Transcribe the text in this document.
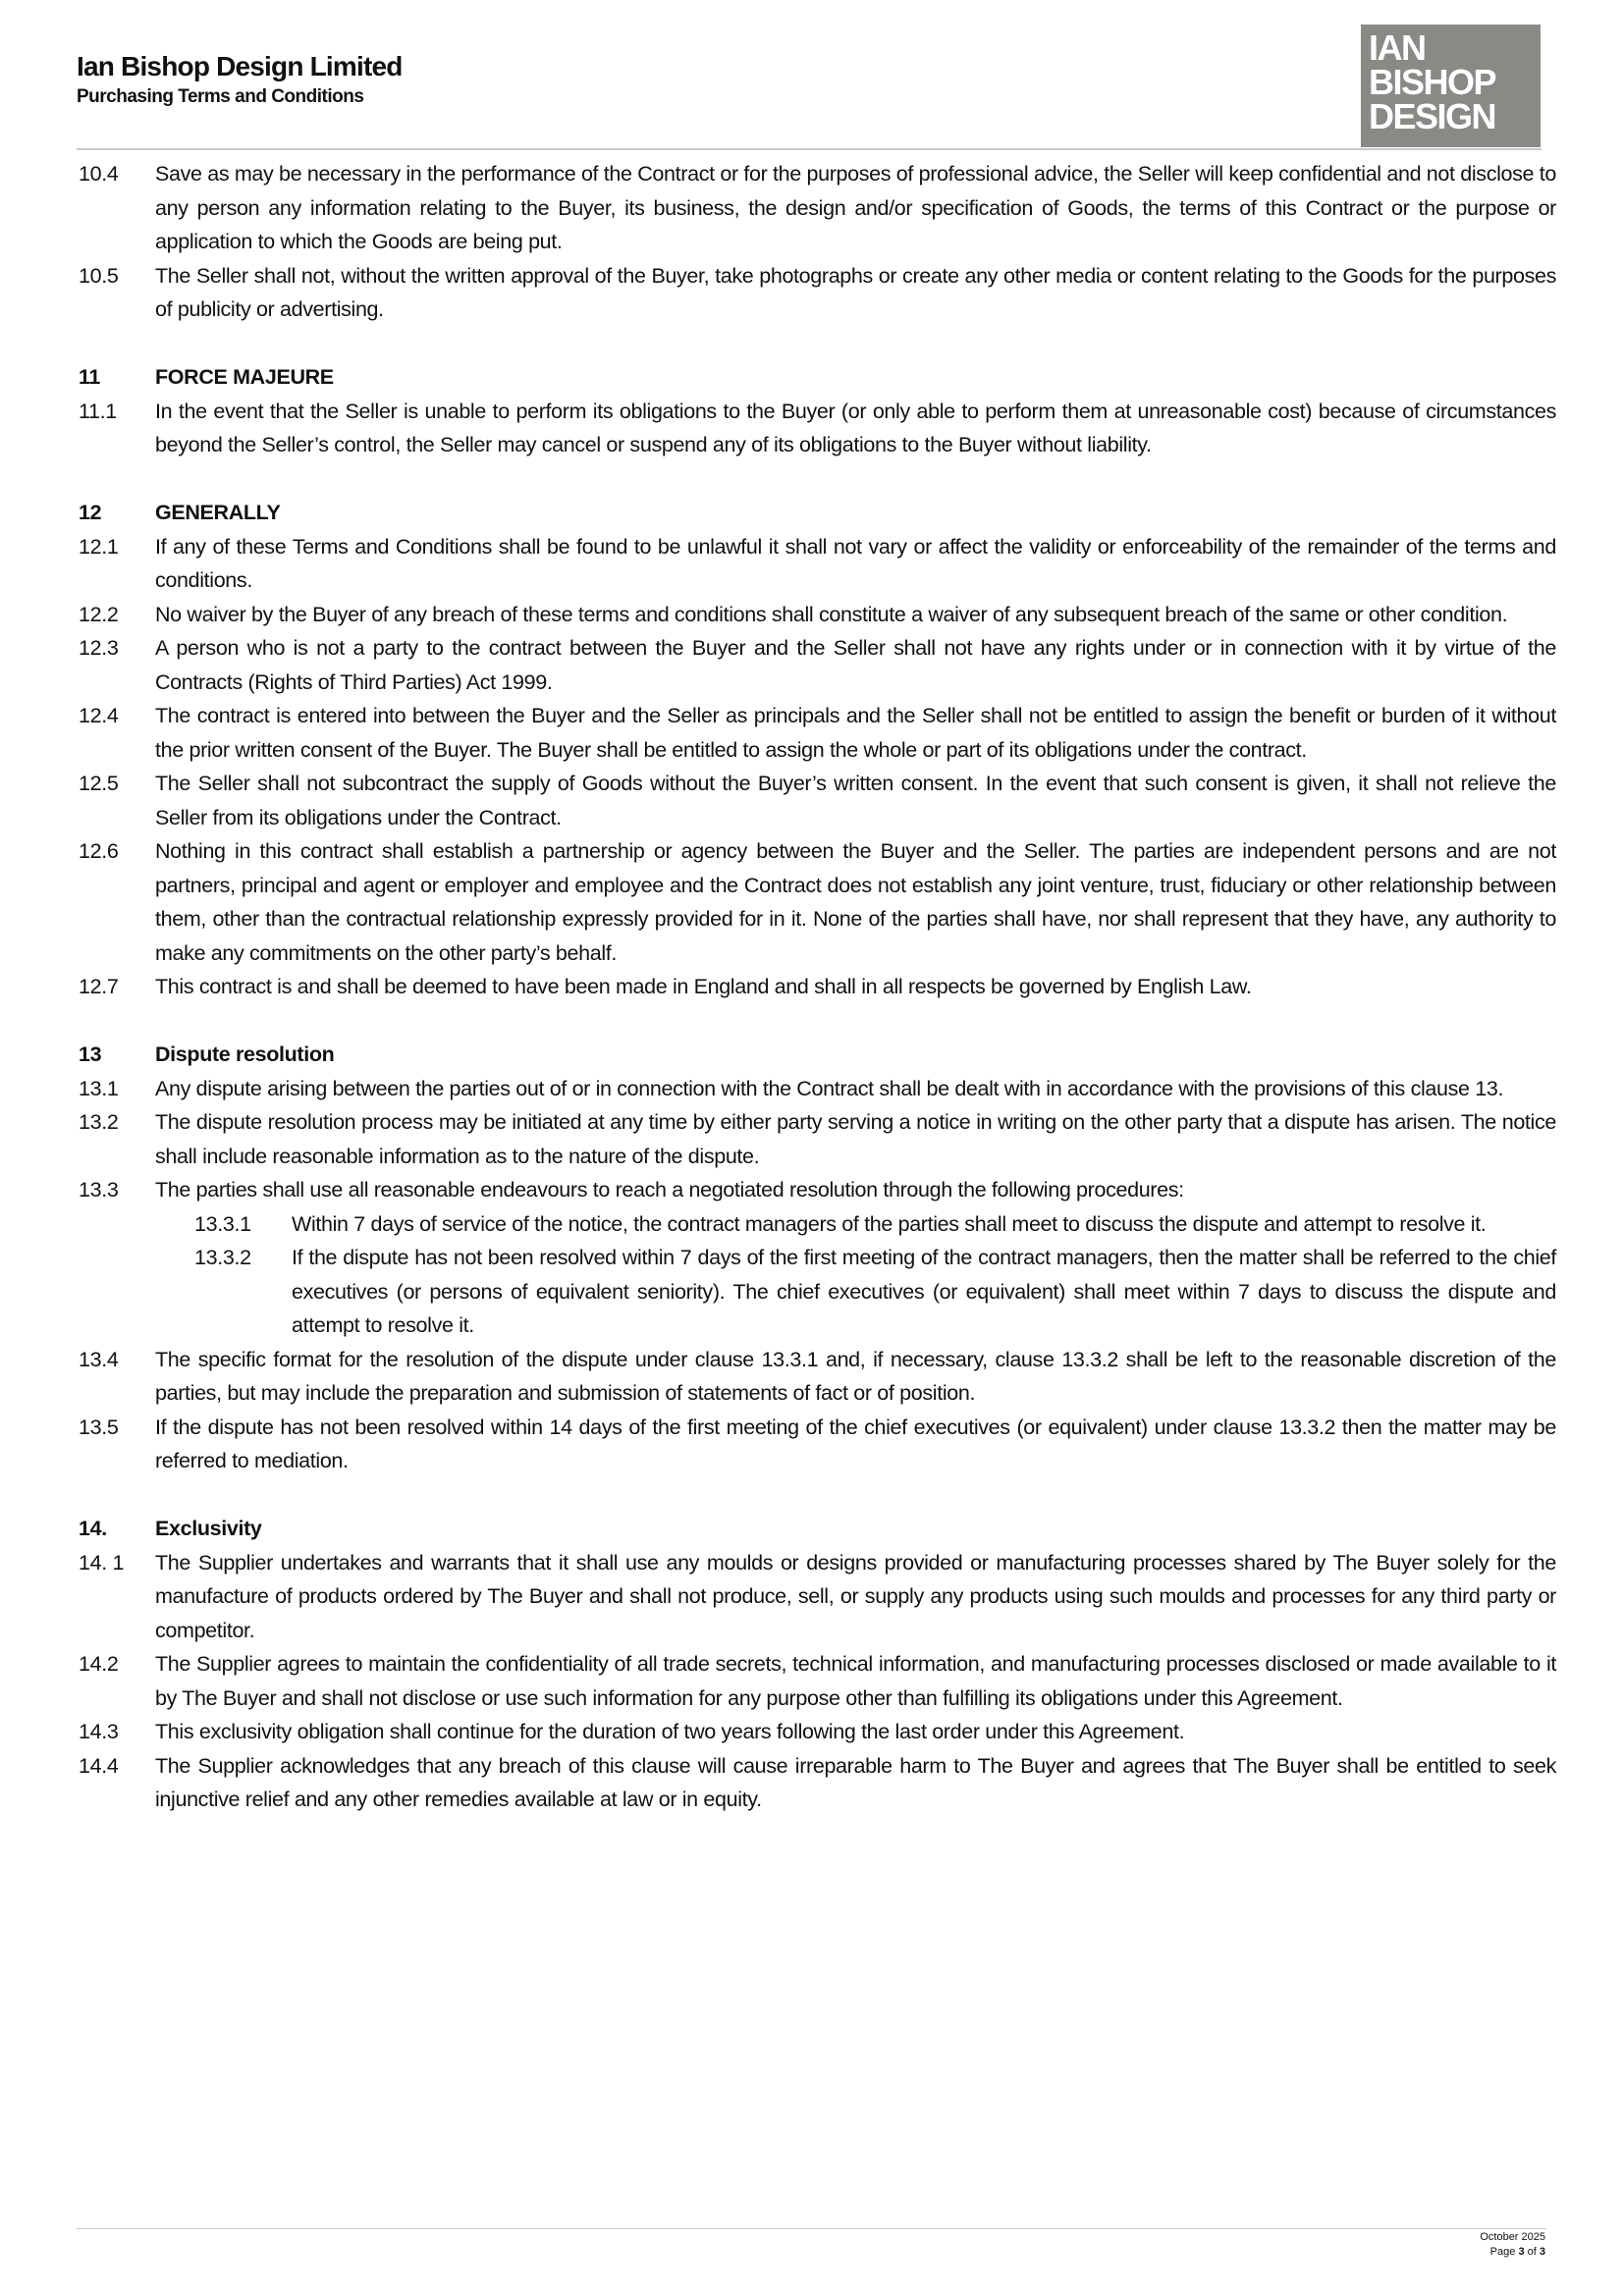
Ian Bishop Design Limited
Purchasing Terms and Conditions
IAN
BISHOP
DESIGN
10.4	Save as may be necessary in the performance of the Contract or for the purposes of professional advice, the Seller will keep confidential and not disclose to any person any information relating to the Buyer, its business, the design and/or specification of Goods, the terms of this Contract or the purpose or application to which the Goods are being put.
10.5	The Seller shall not, without the written approval of the Buyer, take photographs or create any other media or content relating to the Goods for the purposes of publicity or advertising.
11	FORCE MAJEURE
11.1	In the event that the Seller is unable to perform its obligations to the Buyer (or only able to perform them at unreasonable cost) because of circumstances beyond the Seller’s control, the Seller may cancel or suspend any of its obligations to the Buyer without liability.
12	GENERALLY
12.1	If any of these Terms and Conditions shall be found to be unlawful it shall not vary or affect the validity or enforceability of the remainder of the terms and conditions.
12.2	No waiver by the Buyer of any breach of these terms and conditions shall constitute a waiver of any subsequent breach of the same or other condition.
12.3	A person who is not a party to the contract between the Buyer and the Seller shall not have any rights under or in connection with it by virtue of the Contracts (Rights of Third Parties) Act 1999.
12.4	The contract is entered into between the Buyer and the Seller as principals and the Seller shall not be entitled to assign the benefit or burden of it without the prior written consent of the Buyer. The Buyer shall be entitled to assign the whole or part of its obligations under the contract.
12.5	The Seller shall not subcontract the supply of Goods without the Buyer’s written consent. In the event that such consent is given, it shall not relieve the Seller from its obligations under the Contract.
12.6	Nothing in this contract shall establish a partnership or agency between the Buyer and the Seller. The parties are independent persons and are not partners, principal and agent or employer and employee and the Contract does not establish any joint venture, trust, fiduciary or other relationship between them, other than the contractual relationship expressly provided for in it. None of the parties shall have, nor shall represent that they have, any authority to make any commitments on the other party’s behalf.
12.7	This contract is and shall be deemed to have been made in England and shall in all respects be governed by English Law.
13	Dispute resolution
13.1	Any dispute arising between the parties out of or in connection with the Contract shall be dealt with in accordance with the provisions of this clause 13.
13.2	The dispute resolution process may be initiated at any time by either party serving a notice in writing on the other party that a dispute has arisen. The notice shall include reasonable information as to the nature of the dispute.
13.3	The parties shall use all reasonable endeavours to reach a negotiated resolution through the following procedures:
13.3.1	Within 7 days of service of the notice, the contract managers of the parties shall meet to discuss the dispute and attempt to resolve it.
13.3.2	If the dispute has not been resolved within 7 days of the first meeting of the contract managers, then the matter shall be referred to the chief executives (or persons of equivalent seniority). The chief executives (or equivalent) shall meet within 7 days to discuss the dispute and attempt to resolve it.
13.4	The specific format for the resolution of the dispute under clause 13.3.1 and, if necessary, clause 13.3.2 shall be left to the reasonable discretion of the parties, but may include the preparation and submission of statements of fact or of position.
13.5	If the dispute has not been resolved within 14 days of the first meeting of the chief executives (or equivalent) under clause 13.3.2 then the matter may be referred to mediation.
14.	Exclusivity
14. 1	The Supplier undertakes and warrants that it shall use any moulds or designs provided or manufacturing processes shared by The Buyer solely for the manufacture of products ordered by The Buyer and shall not produce, sell, or supply any products using such moulds and processes for any third party or competitor.
14.2	The Supplier agrees to maintain the confidentiality of all trade secrets, technical information, and manufacturing processes disclosed or made available to it by The Buyer and shall not disclose or use such information for any purpose other than fulfilling its obligations under this Agreement.
14.3	This exclusivity obligation shall continue for the duration of two years following the last order under this Agreement.
14.4	The Supplier acknowledges that any breach of this clause will cause irreparable harm to The Buyer and agrees that The Buyer shall be entitled to seek injunctive relief and any other remedies available at law or in equity.
October 2025
Page 3 of 3
